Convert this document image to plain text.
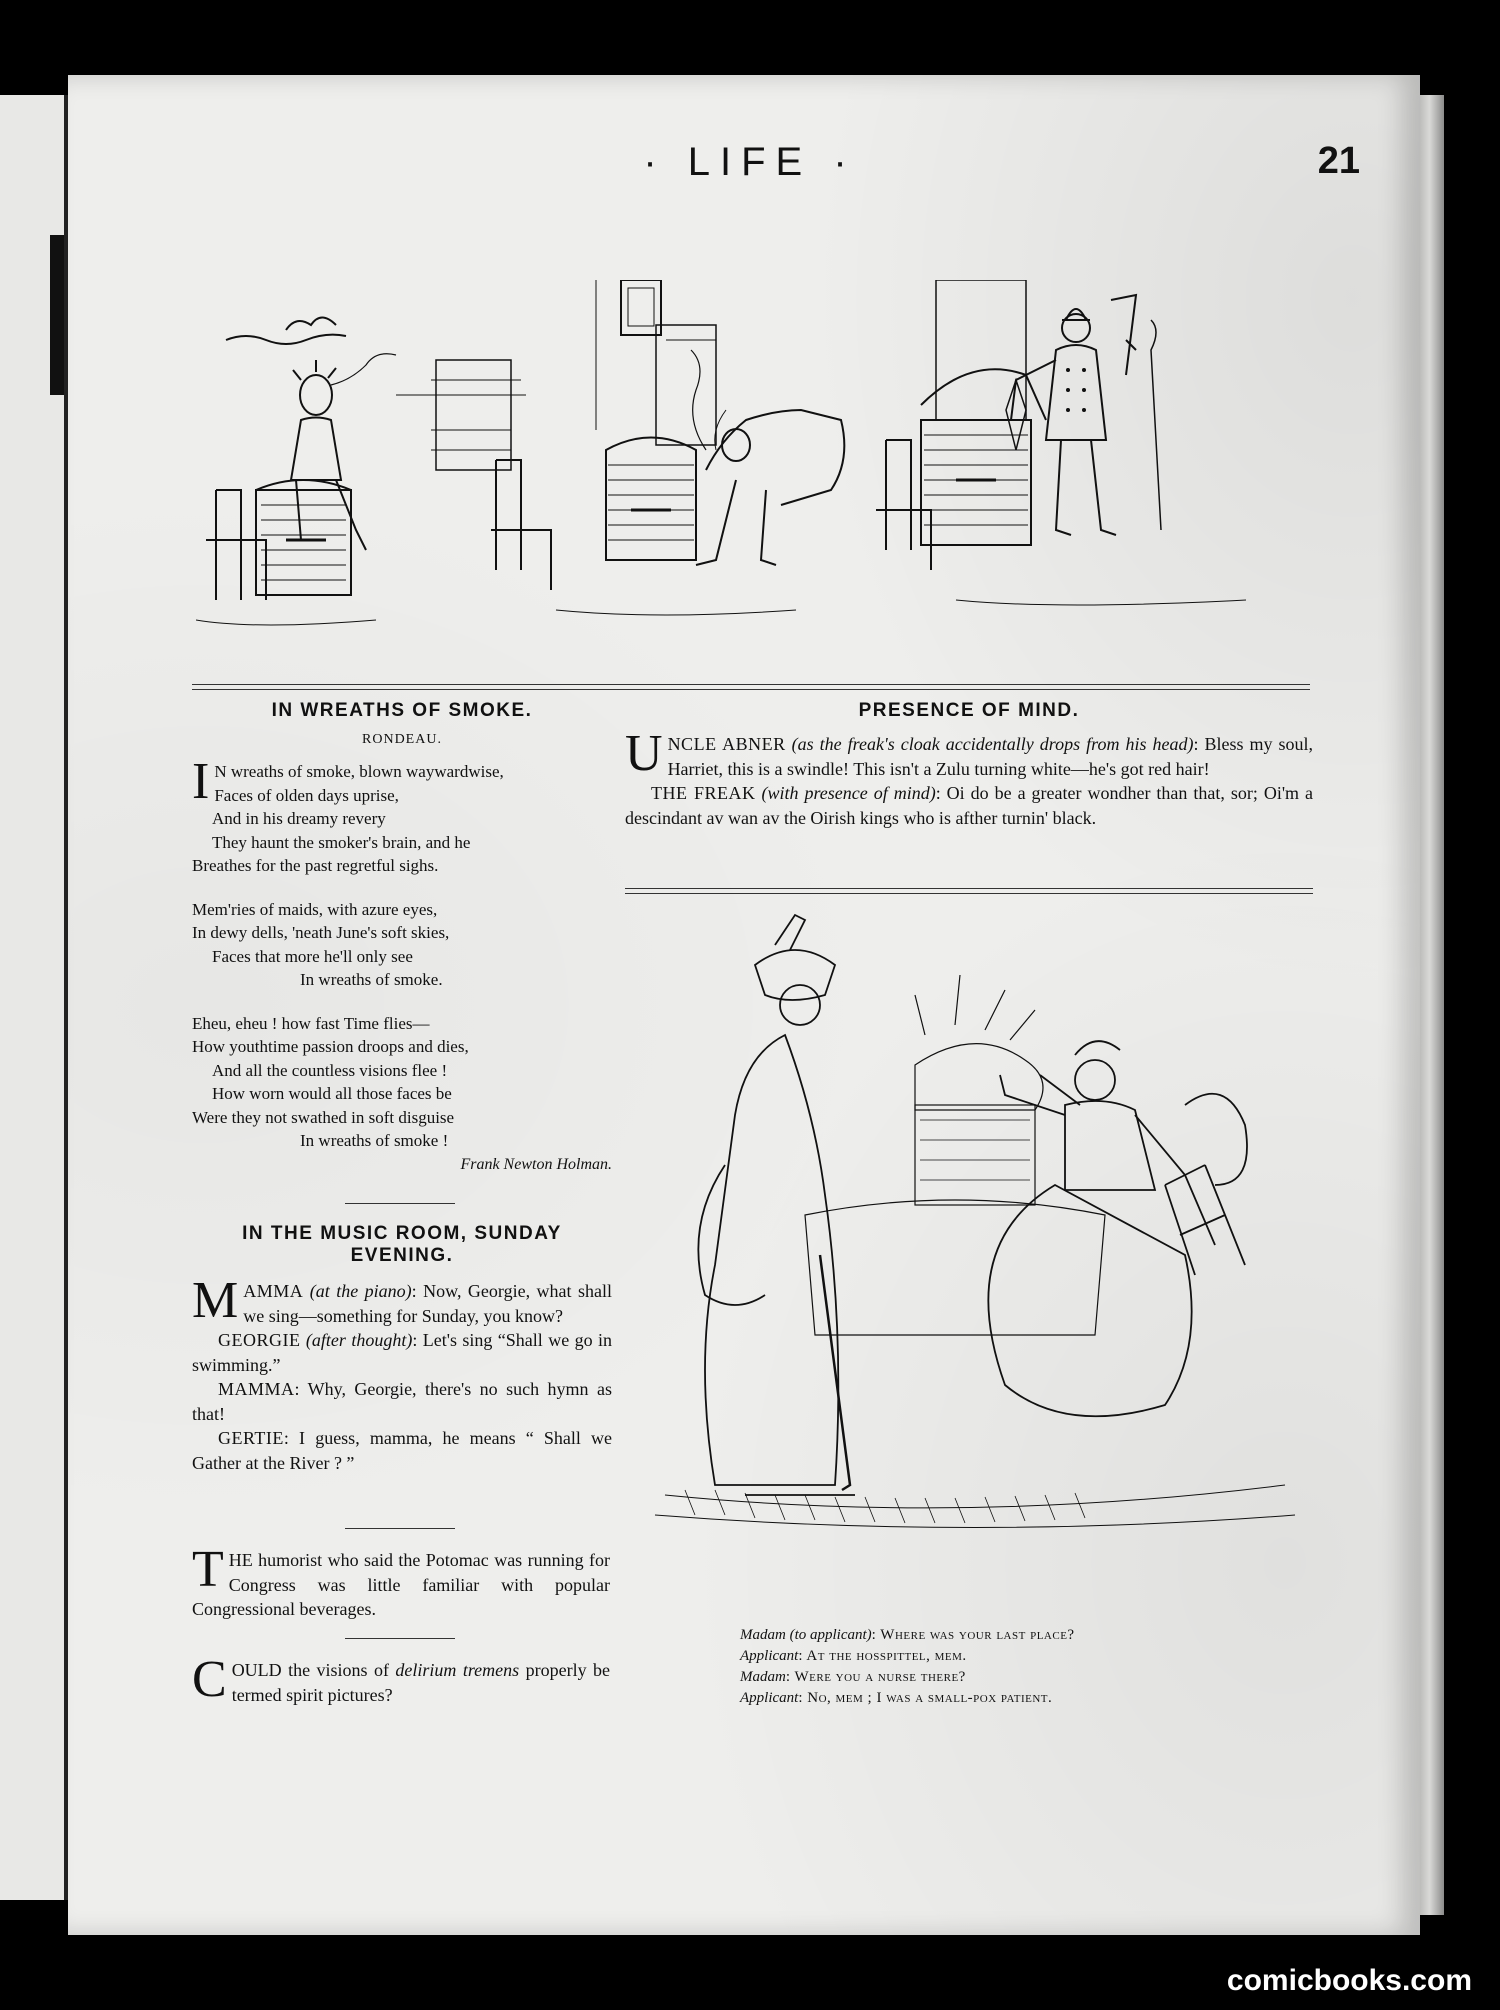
· LIFE ·	21
IN WREATHS OF SMOKE.
RONDEAU.
I N wreaths of smoke, blown waywardwise,
Faces of olden days uprise,
And in his dreamy revery
They haunt the smoker's brain, and he
Breathes for the past regretful sighs.
Mem'ries of maids, with azure eyes,
In dewy dells, 'neath June's soft skies,
Faces that more he'll only see
In wreaths of smoke.
Eheu, eheu ! how fast Time flies—
How youthtime passion droops and dies,
And all the countless visions flee !
How worn would all those faces be
Were they not swathed in soft disguise
In wreaths of smoke !
Frank Newton Holman.
IN THE MUSIC ROOM, SUNDAY
EVENING.

MAMMA (at the piano): Now, Georgie, what shall we sing—something for Sunday, you know?

GEORGIE (after thought): Let's sing “Shall we go in swimming.”

MAMMA: Why, Georgie, there's no such hymn as that!

GERTIE: I guess, mamma, he means “ Shall we Gather at the River ? ”

THE humorist who said the Potomac was running for Congress was little familiar with popular Congressional beverages.

COULD the visions of delirium tremens properly be termed spirit pictures?

PRESENCE OF MIND.

UNCLE ABNER (as the freak's cloak accidentally drops from his head): Bless my soul, Harriet, this is a swindle! This isn't a Zulu turning white—he's got red hair!

THE FREAK (with presence of mind): Oi do be a greater wondher than that, sor; Oi'm a descindant av wan av the Oirish kings who is afther turnin' black.

Madam (to applicant): Where was your last place?
Applicant: At the hosspittel, mem.
Madam: Were you a nurse there?
Applicant: No, mem ; I was a small-pox patient.
comicbooks.com
